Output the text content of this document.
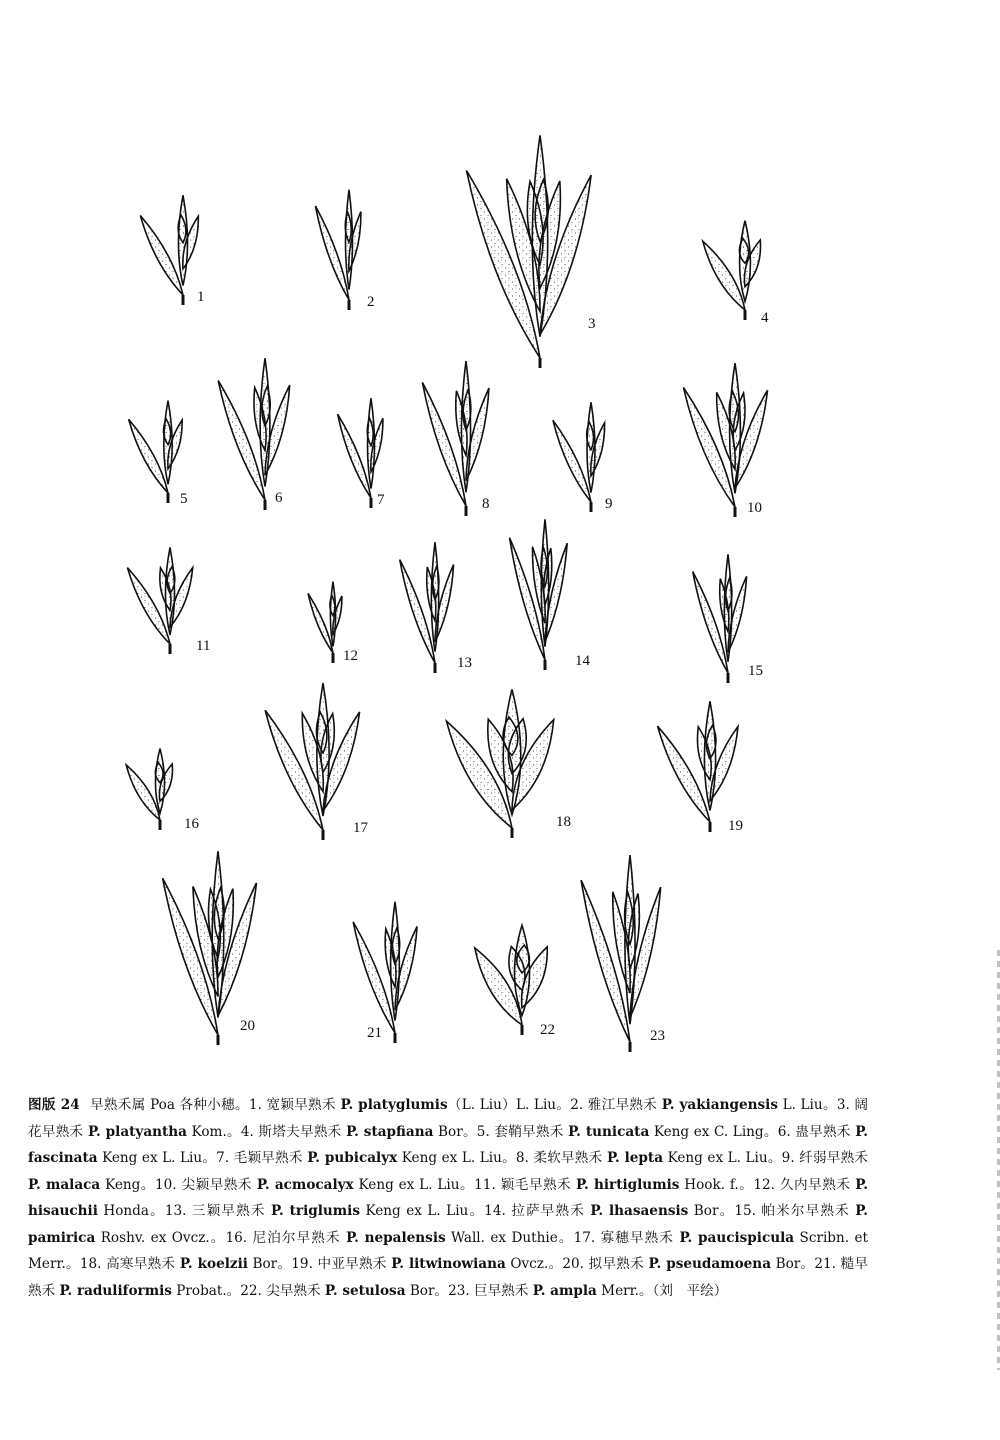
1	2
3	4
5	6	7	8	9	10
11
12	13	14
15
16	17	18	19
20	21	22	23
图版 24 早熟禾属 Poa 各种小穗。1. 宽颖早熟禾 P. platyglumis（L. Liu）L. Liu。2. 雅江早熟禾 P. yakiangensis L. Liu。3. 阔花早熟禾 P. platyantha Kom.。4. 斯塔夫早熟禾 P. stapfiana Bor。5. 套鞘早熟禾 P. tunicata Keng ex C. Ling。6. 蛊早熟禾 P. fascinata Keng ex L. Liu。7. 毛颖早熟禾 P. pubicalyx Keng ex L. Liu。8. 柔软早熟禾 P. lepta Keng ex L. Liu。9. 纤弱早熟禾 P. malaca Keng。10. 尖颖早熟禾 P. acmocalyx Keng ex L. Liu。11. 颖毛早熟禾 P. hirtiglumis Hook. f.。12. 久内早熟禾 P. hisauchii Honda。13. 三颖早熟禾 P. triglumis Keng ex L. Liu。14. 拉萨早熟禾 P. lhasaensis Bor。15. 帕米尔早熟禾 P. pamirica Roshv. ex Ovcz.。16. 尼泊尔早熟禾 P. nepalensis Wall. ex Duthie。17. 寡穗早熟禾 P. paucispicula Scribn. et Merr.。18. 高寒早熟禾 P. koelzii Bor。19. 中亚早熟禾 P. litwinowiana Ovcz.。20. 拟早熟禾 P. pseudamoena Bor。21. 糙早熟禾 P. raduliformis Probat.。22. 尖早熟禾 P. setulosa Bor。23. 巨早熟禾 P. ampla Merr.。（刘　平绘）
